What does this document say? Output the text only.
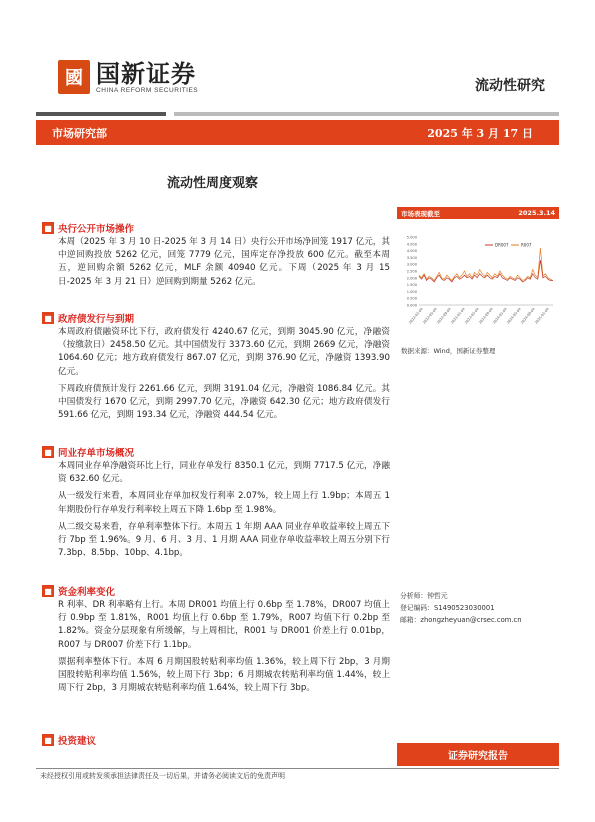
國 国新证券
CHINA REFORM SECURITIES	流动性研究
市场研究部	2025 年 3 月 17 日
流动性周度观察
■ 央行公开市场操作
本周（2025 年 3 月 10 日-2025 年 3 月 14 日）央行公开市场净回笼 1917 亿元，其中逆回购投放 5262 亿元，回笼 7779 亿元，国库定存净投放 600 亿元。截至本周五，逆回购余额 5262 亿元，MLF 余额 40940 亿元。下周（2025 年 3 月 15 日-2025 年 3 月 21 日）逆回购到期量 5262 亿元。
■ 政府债发行与到期
本周政府债融资环比下行，政府债发行 4240.67 亿元，到期 3045.90 亿元，净融资（按缴款日）2458.50 亿元。其中国债发行 3373.60 亿元，到期 2669 亿元，净融资 1064.60 亿元；地方政府债发行 867.07 亿元，到期 376.90 亿元，净融资 1393.90 亿元。
下周政府债预计发行 2261.66 亿元，到期 3191.04 亿元，净融资 1086.84 亿元。其中国债发行 1670 亿元，到期 2997.70 亿元，净融资 642.30 亿元；地方政府债发行 591.66 亿元，到期 193.34 亿元，净融资 444.54 亿元。
■ 同业存单市场概况
本周同业存单净融资环比上行，同业存单发行 8350.1 亿元，到期 7717.5 亿元，净融资 632.60 亿元。
从一级发行来看，本周同业存单加权发行利率 2.07%，较上周上行 1.9bp；本周五 1 年期股份行存单发行利率较上周五下降 1.6bp 至 1.98%。
从二级交易来看，存单利率整体下行。本周五 1 年期 AAA 同业存单收益率较上周五下行 7bp 至 1.96%。9 月、6 月、3 月、1 月期 AAA 同业存单收益率较上周五分别下行 7.3bp、8.5bp、10bp、4.1bp。
■ 资金利率变化
R 利率、DR 利率略有上行。本周 DR001 均值上行 0.6bp 至 1.78%，DR007 均值上行 0.9bp 至 1.81%，R001 均值上行 0.6bp 至 1.79%，R007 均值下行 0.2bp 至 1.82%。资金分层现象有所缓解，与上周相比，R001 与 DR001 价差上行 0.01bp，R007 与 DR007 价差下行 1.1bp。
票据利率整体下行。本周 6 月期国股转贴利率均值 1.36%，较上周下行 2bp，3 月期国股转贴利率均值 1.56%，较上周下行 3bp；6 月期城农转贴利率均值 1.44%，较上周下行 2bp，3 月期城农转贴利率均值 1.64%，较上周下行 3bp。
■ 投资建议
市场表现截至	2025.3.14
5.000
4.500
4.000
3.500
3.000
2.500
2.000
1.500
1.000
0.500
0.000
2022-01-04
2022-05-04
2022-09-04
2023-01-04
2023-05-04
2023-09-04
2024-01-04
2024-05-04
2024-09-04
2025-01-04
DR007	R007
数据来源：Wind，国新证券整理
分析师：钟哲元
登记编码：S1490523030001
邮箱：zhongzheyuan@crsec.com.cn
证券研究报告
未经授权引用或转发须承担法律责任及一切后果，并请务必阅读文后的免责声明
